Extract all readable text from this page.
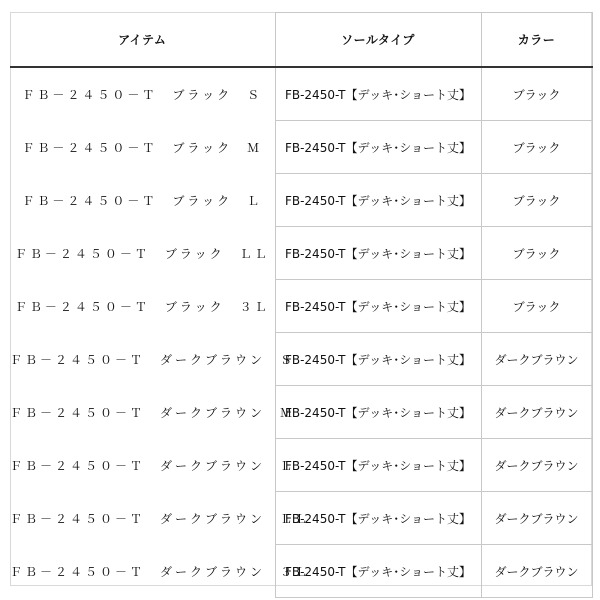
アイテム	ソールタイプ	カラー
ＦＢ－２４５０－Ｔ　ブラック　Ｓ	FB-2450-T【デッキ･ショート丈】	ブラック
ＦＢ－２４５０－Ｔ　ブラック　Ｍ	FB-2450-T【デッキ･ショート丈】	ブラック
ＦＢ－２４５０－Ｔ　ブラック　Ｌ	FB-2450-T【デッキ･ショート丈】	ブラック
ＦＢ－２４５０－Ｔ　ブラック　ＬＬ	FB-2450-T【デッキ･ショート丈】	ブラック
ＦＢ－２４５０－Ｔ　ブラック　３Ｌ	FB-2450-T【デッキ･ショート丈】	ブラック
ＦＢ－２４５０－Ｔ　ダークブラウン　Ｓ	FB-2450-T【デッキ･ショート丈】	ダークブラウン
ＦＢ－２４５０－Ｔ　ダークブラウン　Ｍ	FB-2450-T【デッキ･ショート丈】	ダークブラウン
ＦＢ－２４５０－Ｔ　ダークブラウン　Ｌ	FB-2450-T【デッキ･ショート丈】	ダークブラウン
ＦＢ－２４５０－Ｔ　ダークブラウン　ＬＬ	FB-2450-T【デッキ･ショート丈】	ダークブラウン
ＦＢ－２４５０－Ｔ　ダークブラウン　３Ｌ	FB-2450-T【デッキ･ショート丈】	ダークブラウン
